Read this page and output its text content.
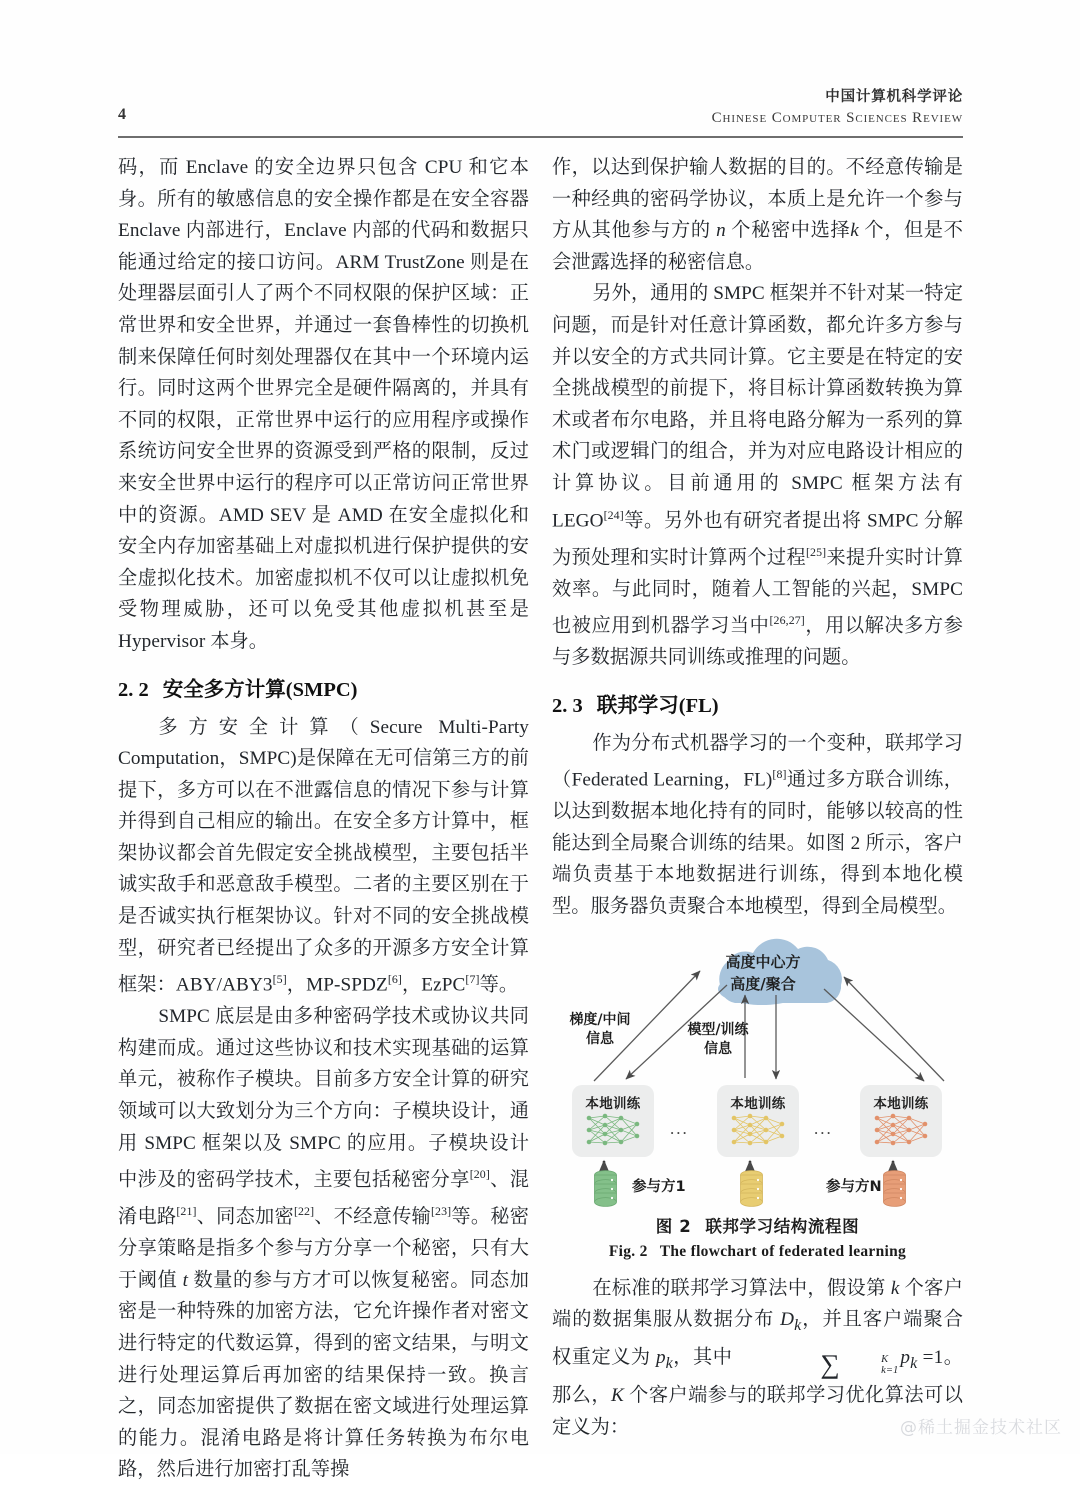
4
中国计算机科学评论
Chinese Computer Sciences Review

码，而 Enclave 的安全边界只包含 CPU 和它本身。所有的敏感信息的安全操作都是在安全容器 Enclave 内部进行，Enclave 内部的代码和数据只能通过给定的接口访问。ARM TrustZone 则是在处理器层面引人了两个不同权限的保护区域：正常世界和安全世界，并通过一套鲁棒性的切换机制来保障任何时刻处理器仅在其中一个环境内运行。同时这两个世界完全是硬件隔离的，并具有不同的权限，正常世界中运行的应用程序或操作系统访问安全世界的资源受到严格的限制，反过来安全世界中运行的程序可以正常访问正常世界中的资源。AMD SEV 是 AMD 在安全虚拟化和安全内存加密基础上对虚拟机进行保护提供的安全虚拟化技术。加密虚拟机不仅可以让虚拟机免受物理威胁，还可以免受其他虚拟机甚至是 Hypervisor 本身。

2. 2 安全多方计算(SMPC)

多方安全计算（Secure Multi-Party Computation，SMPC)是保障在无可信第三方的前提下，多方可以在不泄露信息的情况下参与计算并得到自己相应的输出。在安全多方计算中，框架协议都会首先假定安全挑战模型，主要包括半诚实敌手和恶意敌手模型。二者的主要区别在于是否诚实执行框架协议。针对不同的安全挑战模型，研究者已经提出了众多的开源多方安全计算框架：ABY/ABY3[5]，MP-SPDZ[6]，EzPC[7]等。

SMPC 底层是由多种密码学技术或协议共同构建而成。通过这些协议和技术实现基础的运算单元，被称作子模块。目前多方安全计算的研究领域可以大致划分为三个方向：子模块设计，通用 SMPC 框架以及 SMPC 的应用。子模块设计中涉及的密码学技术，主要包括秘密分享[20]、混淆电路[21]、同态加密[22]、不经意传输[23]等。秘密分享策略是指多个参与方分享一个秘密，只有大于阈值 t 数量的参与方才可以恢复秘密。同态加密是一种特殊的加密方法，它允许操作者对密文进行特定的代数运算，得到的密文结果，与明文进行处理运算后再加密的结果保持一致。换言之，同态加密提供了数据在密文域进行处理运算的能力。混淆电路是将计算任务转换为布尔电路，然后进行加密打乱等操

作，以达到保护输人数据的目的。不经意传输是一种经典的密码学协议，本质上是允许一个参与方从其他参与方的 n 个秘密中选择k 个，但是不会泄露选择的秘密信息。

另外，通用的 SMPC 框架并不针对某一特定问题，而是针对任意计算函数，都允许多方参与并以安全的方式共同计算。它主要是在特定的安全挑战模型的前提下，将目标计算函数转换为算术或者布尔电路，并且将电路分解为一系列的算术门或逻辑门的组合，并为对应电路设计相应的计算协议。目前通用的 SMPC 框架方法有 LEGO[24]等。另外也有研究者提出将 SMPC 分解为预处理和实时计算两个过程[25]来提升实时计算效率。与此同时，随着人工智能的兴起，SMPC 也被应用到机器学习当中[26,27]，用以解决多方参与多数据源共同训练或推理的问题。

2. 3 联邦学习(FL)

作为分布式机器学习的一个变种，联邦学习（Federated Learning，FL)[8]通过多方联合训练，以达到数据本地化持有的同时，能够以较高的性能达到全局聚合训练的结果。如图 2 所示，客户端负责基于本地数据进行训练，得到本地化模型。服务器负责聚合本地模型，得到全局模型。

高度中心方
高度/聚合
梯度/中间
信息
模型/训练
信息
本地训练	本地训练	本地训练
...	...
参与方1	参与方N
图 2 联邦学习结构流程图
Fig. 2 The flowchart of federated learning

在标准的联邦学习算法中，假设第 k 个客户端的数据集服从数据分布 $D_k$，并且客户端聚合权重定义为 $p_k$，其中	∑	K
k=1
$p_k =1$。那么，K 个客户端参与的联邦学习优化算法可以定义为：	@稀土掘金技术社区
